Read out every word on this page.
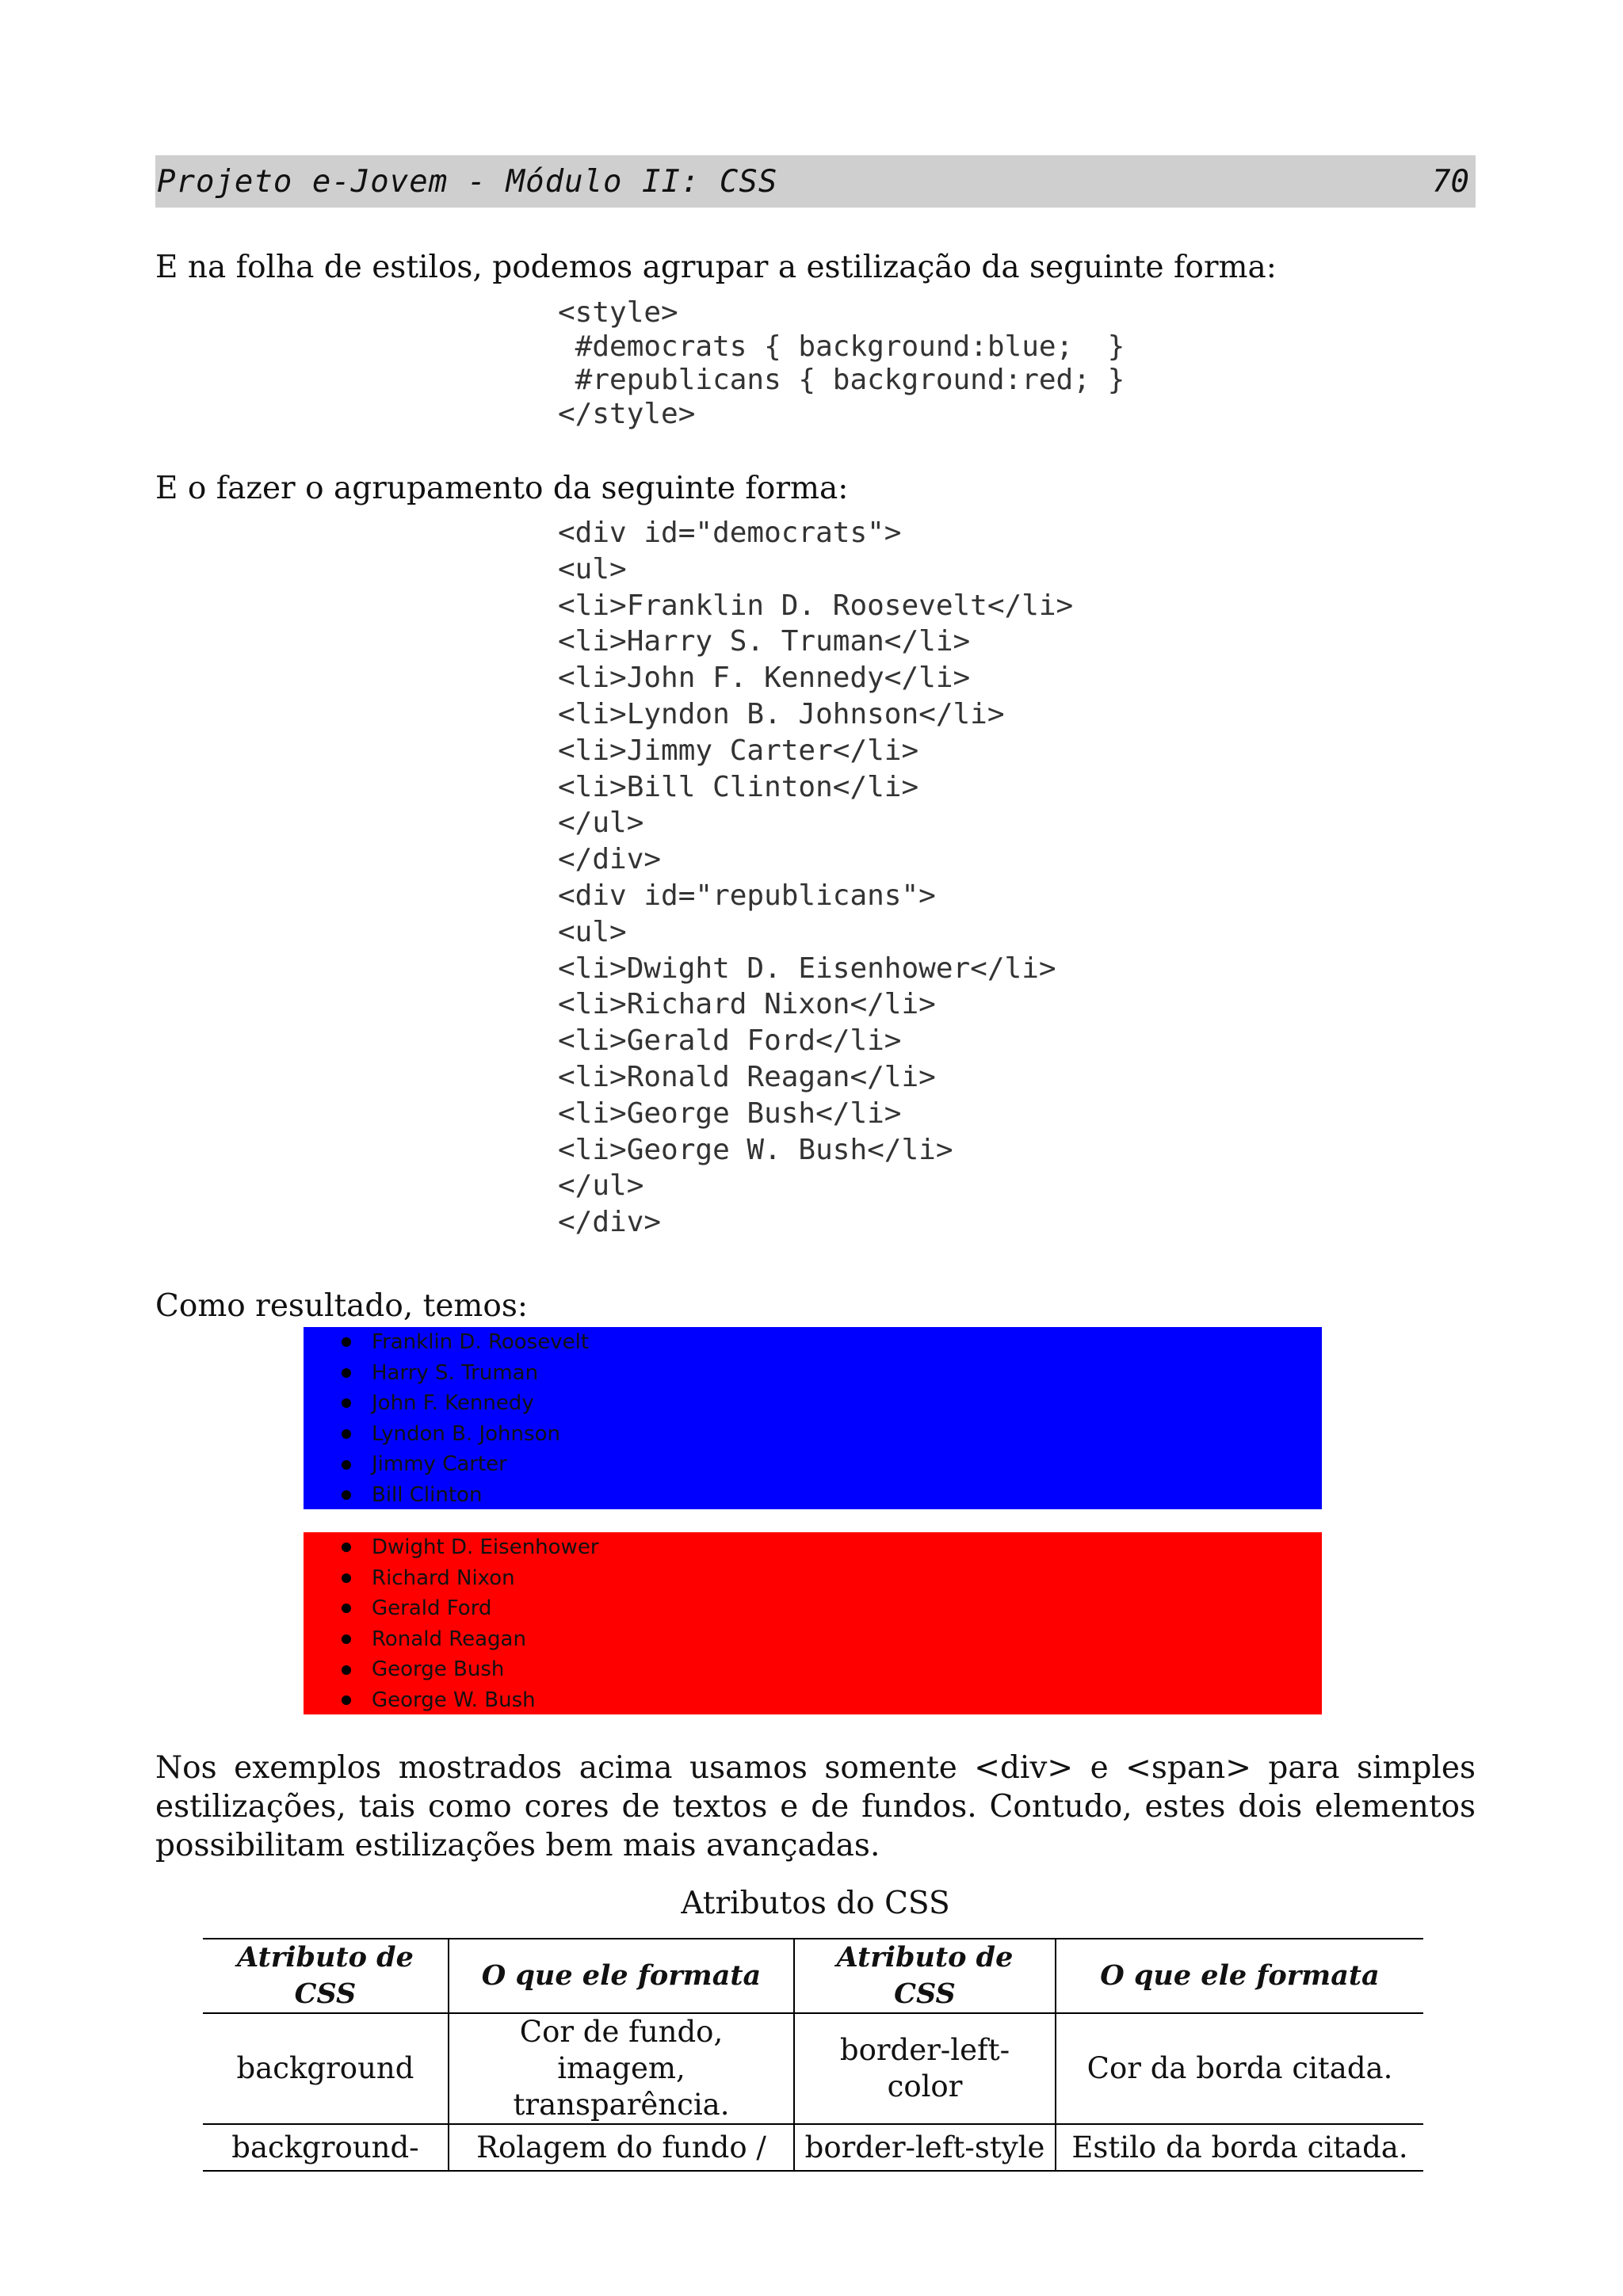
Projeto e-Jovem - Módulo II: CSS	70

E na folha de estilos, podemos agrupar a estilização da seguinte forma:

<style>
#democrats { background:blue;  }
#republicans { background:red; }
</style>

E o fazer o agrupamento da seguinte forma:

<div id="democrats">
<ul>
<li>Franklin D. Roosevelt</li>
<li>Harry S. Truman</li>
<li>John F. Kennedy</li>
<li>Lyndon B. Johnson</li>
<li>Jimmy Carter</li>
<li>Bill Clinton</li>
</ul>
</div>
<div id="republicans">
<ul>
<li>Dwight D. Eisenhower</li>
<li>Richard Nixon</li>
<li>Gerald Ford</li>
<li>Ronald Reagan</li>
<li>George Bush</li>
<li>George W. Bush</li>
</ul>
</div>

Como resultado, temos:

Franklin D. Roosevelt
Harry S. Truman
John F. Kennedy
Lyndon B. Johnson
Jimmy Carter
Bill Clinton
Dwight D. Eisenhower
Richard Nixon
Gerald Ford
Ronald Reagan
George Bush
George W. Bush

Nos exemplos mostrados acima usamos somente <div> e <span> para simples estilizações, tais como cores de textos e de fundos. Contudo, estes dois elementos possibilitam estilizações bem mais avançadas.

Atributos do CSS
Atributo de CSS	O que ele formata	Atributo de CSS	O que ele formata
background	Cor de fundo, imagem, transparência.	border-left-color	Cor da borda citada.
background-	Rolagem do fundo /	border-left-style	Estilo da borda citada.
